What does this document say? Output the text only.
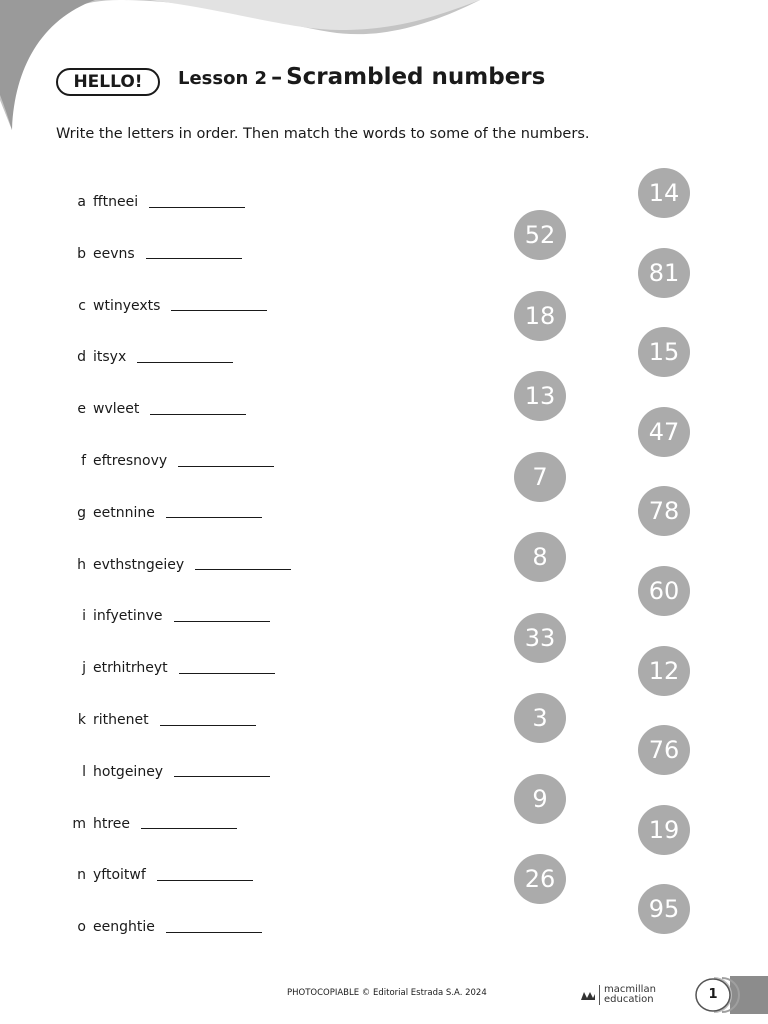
HELLO!	Lesson 2 – Scrambled numbers
Write the letters in order. Then match the words to some of the numbers.
a fftneei
b eevns
c wtinyexts
d itsyx
e wvleet
f eftresnovy
g eetnnine
h evthstngeiey
i infyetinve
j etrhitrheyt
k rithenet
l hotgeiney
m htree
n yftoitwf
o eenghtie
52
18
13
7
8
33
3
9
26
14
81
15
47
78
60
12
76
19
95
PHOTOCOPIABLE © Editorial Estrada S.A. 2024	macmillan
education	1
